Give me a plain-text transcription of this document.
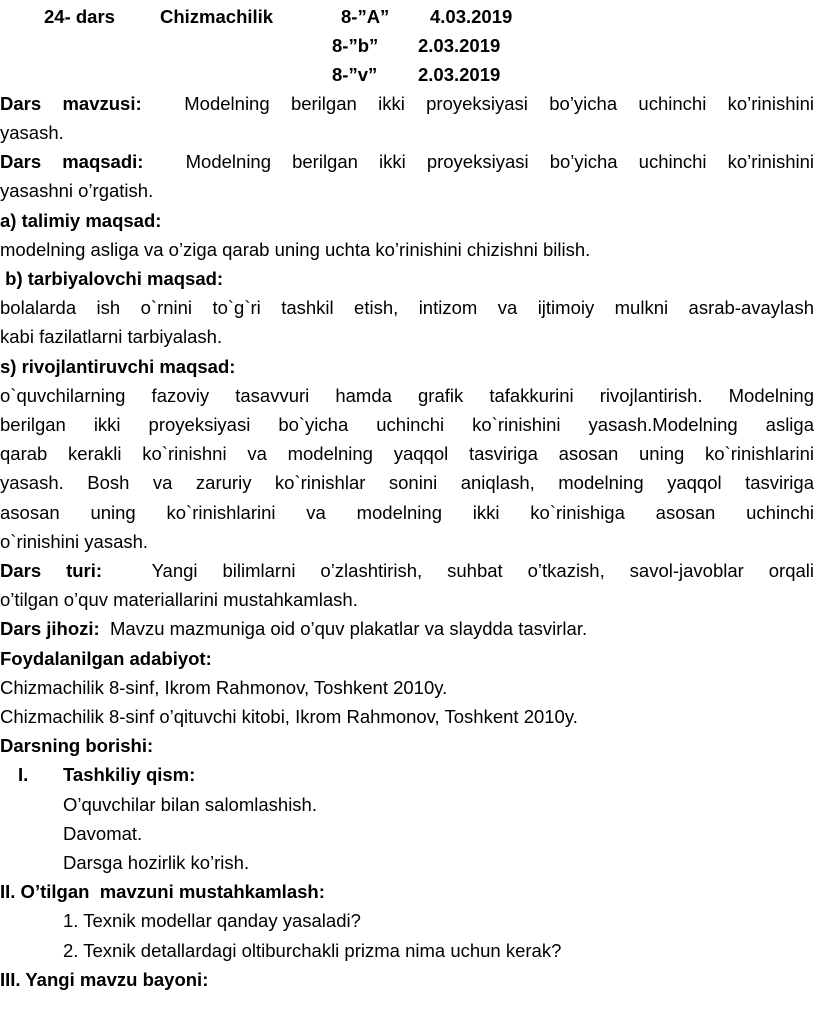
24- dars Chizmachilik	8-”A” 4.03.2019
8-”b” 2.03.2019
8-”v” 2.03.2019
Dars mavzusi: Modelning berilgan ikki proyeksiyasi bo’yicha uchinchi ko’rinishini
yasash.
Dars maqsadi: Modelning berilgan ikki proyeksiyasi bo’yicha uchinchi ko’rinishini
yasashni o’rgatish.
a) talimiy maqsad:
modelning asliga va o’ziga qarab uning uchta ko’rinishini chizishni bilish.
b) tarbiyalovchi maqsad:
bolalarda ish o`rnini to`g`ri tashkil etish, intizom va ijtimoiy mulkni asrab-avaylash
kabi fazilatlarni tarbiyalash.
s) rivojlantiruvchi maqsad:
o`quvchilarning fazoviy tasavvuri hamda grafik tafakkurini rivojlantirish. Modelning
berilgan ikki proyeksiyasi bo`yicha uchinchi ko`rinishini yasash.Modelning asliga
qarab kerakli ko`rinishni va modelning yaqqol tasviriga asosan uning ko`rinishlarini
yasash. Bosh va zaruriy ko`rinishlar sonini aniqlash, modelning yaqqol tasviriga
asosan uning ko`rinishlarini va modelning ikki ko`rinishiga asosan uchinchi
o`rinishini yasash.
Dars turi:	Yangi bilimlarni o’zlashtirish, suhbat o’tkazish, savol-javoblar orqali
o’tilgan o’quv materiallarini mustahkamlash.
Dars jihozi: Mavzu mazmuniga oid o’quv plakatlar va slaydda tasvirlar.
Foydalanilgan adabiyot:
Chizmachilik 8-sinf, Ikrom Rahmonov, Toshkent 2010y.
Chizmachilik 8-sinf o’qituvchi kitobi, Ikrom Rahmonov, Toshkent 2010y.
Darsning borishi:
I. Tashkiliy qism:
O’quvchilar bilan salomlashish.
Davomat.
Darsga hozirlik ko’rish.
II. O’tilgan  mavzuni mustahkamlash:
1. Texnik modellar qanday yasaladi?
2. Texnik detallardagi oltiburchakli prizma nima uchun kerak?
III. Yangi mavzu bayoni:
